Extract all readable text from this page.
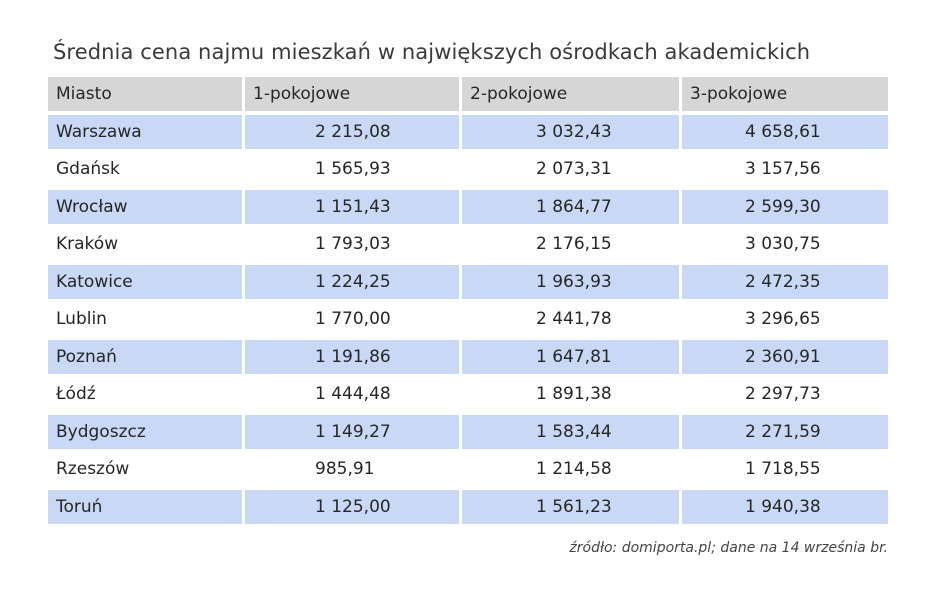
Średnia cena najmu mieszkań w największych ośrodkach akademickich
Miasto	1-pokojowe	2-pokojowe	3-pokojowe
Warszawa	2 215,08	3 032,43	4 658,61
Gdańsk	1 565,93	2 073,31	3 157,56
Wrocław	1 151,43	1 864,77	2 599,30
Kraków	1 793,03	2 176,15	3 030,75
Katowice	1 224,25	1 963,93	2 472,35
Lublin	1 770,00	2 441,78	3 296,65
Poznań	1 191,86	1 647,81	2 360,91
Łódź	1 444,48	1 891,38	2 297,73
Bydgoszcz	1 149,27	1 583,44	2 271,59
Rzeszów	985,91	1 214,58	1 718,55
Toruń	1 125,00	1 561,23	1 940,38
źródło: domiporta.pl; dane na 14 września br.
